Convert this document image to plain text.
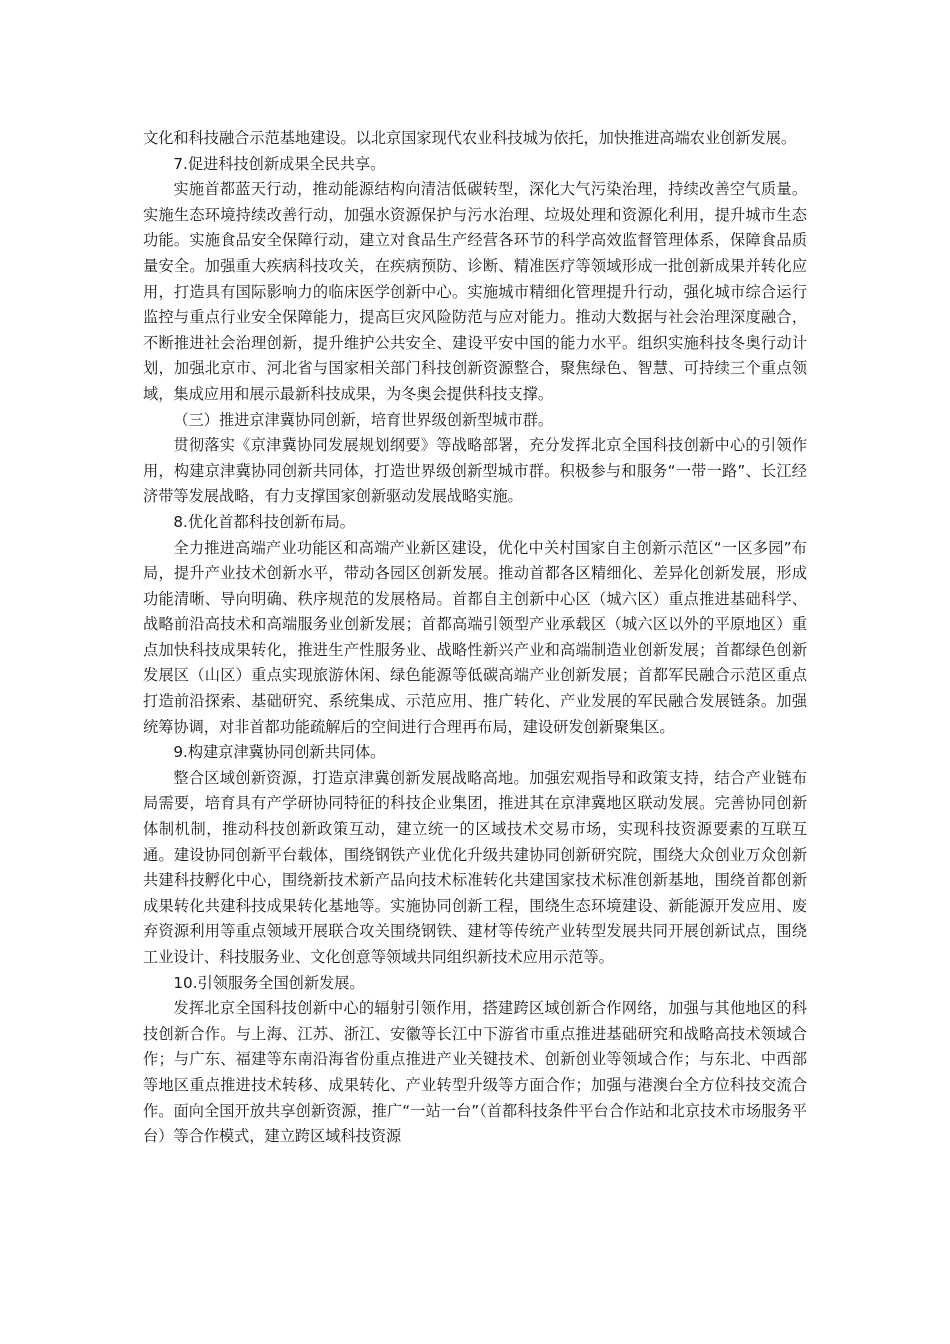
文化和科技融合示范基地建设。以北京国家现代农业科技城为依托，加快推进高端农业创新发展。

7.促进科技创新成果全民共享。

实施首都蓝天行动，推动能源结构向清洁低碳转型，深化大气污染治理，持续改善空气质量。实施生态环境持续改善行动，加强水资源保护与污水治理、垃圾处理和资源化利用，提升城市生态功能。实施食品安全保障行动，建立对食品生产经营各环节的科学高效监督管理体系，保障食品质量安全。加强重大疾病科技攻关，在疾病预防、诊断、精准医疗等领域形成一批创新成果并转化应用，打造具有国际影响力的临床医学创新中心。实施城市精细化管理提升行动，强化城市综合运行监控与重点行业安全保障能力，提高巨灾风险防范与应对能力。推动大数据与社会治理深度融合，不断推进社会治理创新，提升维护公共安全、建设平安中国的能力水平。组织实施科技冬奥行动计划，加强北京市、河北省与国家相关部门科技创新资源整合，聚焦绿色、智慧、可持续三个重点领域，集成应用和展示最新科技成果，为冬奥会提供科技支撑。

（三）推进京津冀协同创新，培育世界级创新型城市群。

贯彻落实《京津冀协同发展规划纲要》等战略部署，充分发挥北京全国科技创新中心的引领作用，构建京津冀协同创新共同体，打造世界级创新型城市群。积极参与和服务“一带一路”、长江经济带等发展战略，有力支撑国家创新驱动发展战略实施。

8.优化首都科技创新布局。

全力推进高端产业功能区和高端产业新区建设，优化中关村国家自主创新示范区“一区多园”布局，提升产业技术创新水平，带动各园区创新发展。推动首都各区精细化、差异化创新发展，形成功能清晰、导向明确、秩序规范的发展格局。首都自主创新中心区（城六区）重点推进基础科学、战略前沿高技术和高端服务业创新发展；首都高端引领型产业承载区（城六区以外的平原地区）重点加快科技成果转化，推进生产性服务业、战略性新兴产业和高端制造业创新发展；首都绿色创新发展区（山区）重点实现旅游休闲、绿色能源等低碳高端产业创新发展；首都军民融合示范区重点打造前沿探索、基础研究、系统集成、示范应用、推广转化、产业发展的军民融合发展链条。加强统筹协调，对非首都功能疏解后的空间进行合理再布局，建设研发创新聚集区。

9.构建京津冀协同创新共同体。

整合区域创新资源，打造京津冀创新发展战略高地。加强宏观指导和政策支持，结合产业链布局需要，培育具有产学研协同特征的科技企业集团，推进其在京津冀地区联动发展。完善协同创新体制机制，推动科技创新政策互动，建立统一的区域技术交易市场，实现科技资源要素的互联互通。建设协同创新平台载体，围绕钢铁产业优化升级共建协同创新研究院，围绕大众创业万众创新共建科技孵化中心，围绕新技术新产品向技术标准转化共建国家技术标准创新基地，围绕首都创新成果转化共建科技成果转化基地等。实施协同创新工程，围绕生态环境建设、新能源开发应用、废弃资源利用等重点领域开展联合攻关围绕钢铁、建材等传统产业转型发展共同开展创新试点，围绕工业设计、科技服务业、文化创意等领域共同组织新技术应用示范等。

10.引领服务全国创新发展。

发挥北京全国科技创新中心的辐射引领作用，搭建跨区域创新合作网络，加强与其他地区的科技创新合作。与上海、江苏、浙江、安徽等长江中下游省市重点推进基础研究和战略高技术领域合作；与广东、福建等东南沿海省份重点推进产业关键技术、创新创业等领域合作；与东北、中西部等地区重点推进技术转移、成果转化、产业转型升级等方面合作；加强与港澳台全方位科技交流合作。面向全国开放共享创新资源，推广“一站一台”（首都科技条件平台合作站和北京技术市场服务平台）等合作模式，建立跨区域科技资源
